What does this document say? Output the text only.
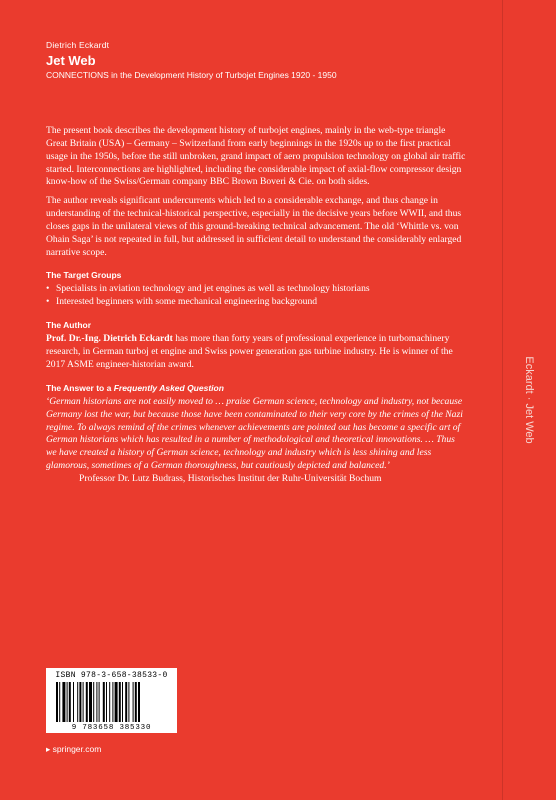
Eckardt · Jet Web

Dietrich Eckardt

Jet Web

CONNECTIONS in the Development History of Turbojet Engines 1920 - 1950

The present book describes the development history of turbojet engines, mainly in the web-type triangle Great Britain (USA) – Germany – Switzerland from early beginnings in the 1920s up to the first practical usage in the 1950s, before the still unbroken, grand impact of aero propulsion technology on global air traffic started. Interconnections are highlighted, including the considerable impact of axial-flow compressor design know-how of the Swiss/German company BBC Brown Boveri & Cie. on both sides.

The author reveals significant undercurrents which led to a considerable exchange, and thus change in understanding of the technical-historical perspective, especially in the decisive years before WWII, and thus closes gaps in the unilateral views of this ground-breaking technical advancement. The old ‘Whittle vs. von Ohain Saga’ is not repeated in full, but addressed in sufficient detail to understand the considerably enlarged narrative scope.

The Target Groups
• Specialists in aviation technology and jet engines as well as technology historians
• Interested beginners with some mechanical engineering background
The Author

Prof. Dr.-Ing. Dietrich Eckardt has more than forty years of professional experience in turbomachinery research, in German turboj et engine and Swiss power generation gas turbine industry. He is winner of the 2017 ASME engineer-historian award.

The Answer to a Frequently Asked Question

‘German historians are not easily moved to … praise German science, technology and industry, not because Germany lost the war, but because those have been contaminated to their very core by the crimes of the Nazi regime. To always remind of the crimes whenever achievements are pointed out has become a specific art of German historians which has resulted in a number of methodological and theoretical innovations. … Thus we have created a history of German science, technology and industry which is less shining and less glamorous, sometimes of a German thoroughness, but cautiously depicted and balanced.’

Professor Dr. Lutz Budrass, Historisches Institut der Ruhr-Universität Bochum

ISBN 978-3-658-38533-0
9 783658 385330
▸ springer.com
